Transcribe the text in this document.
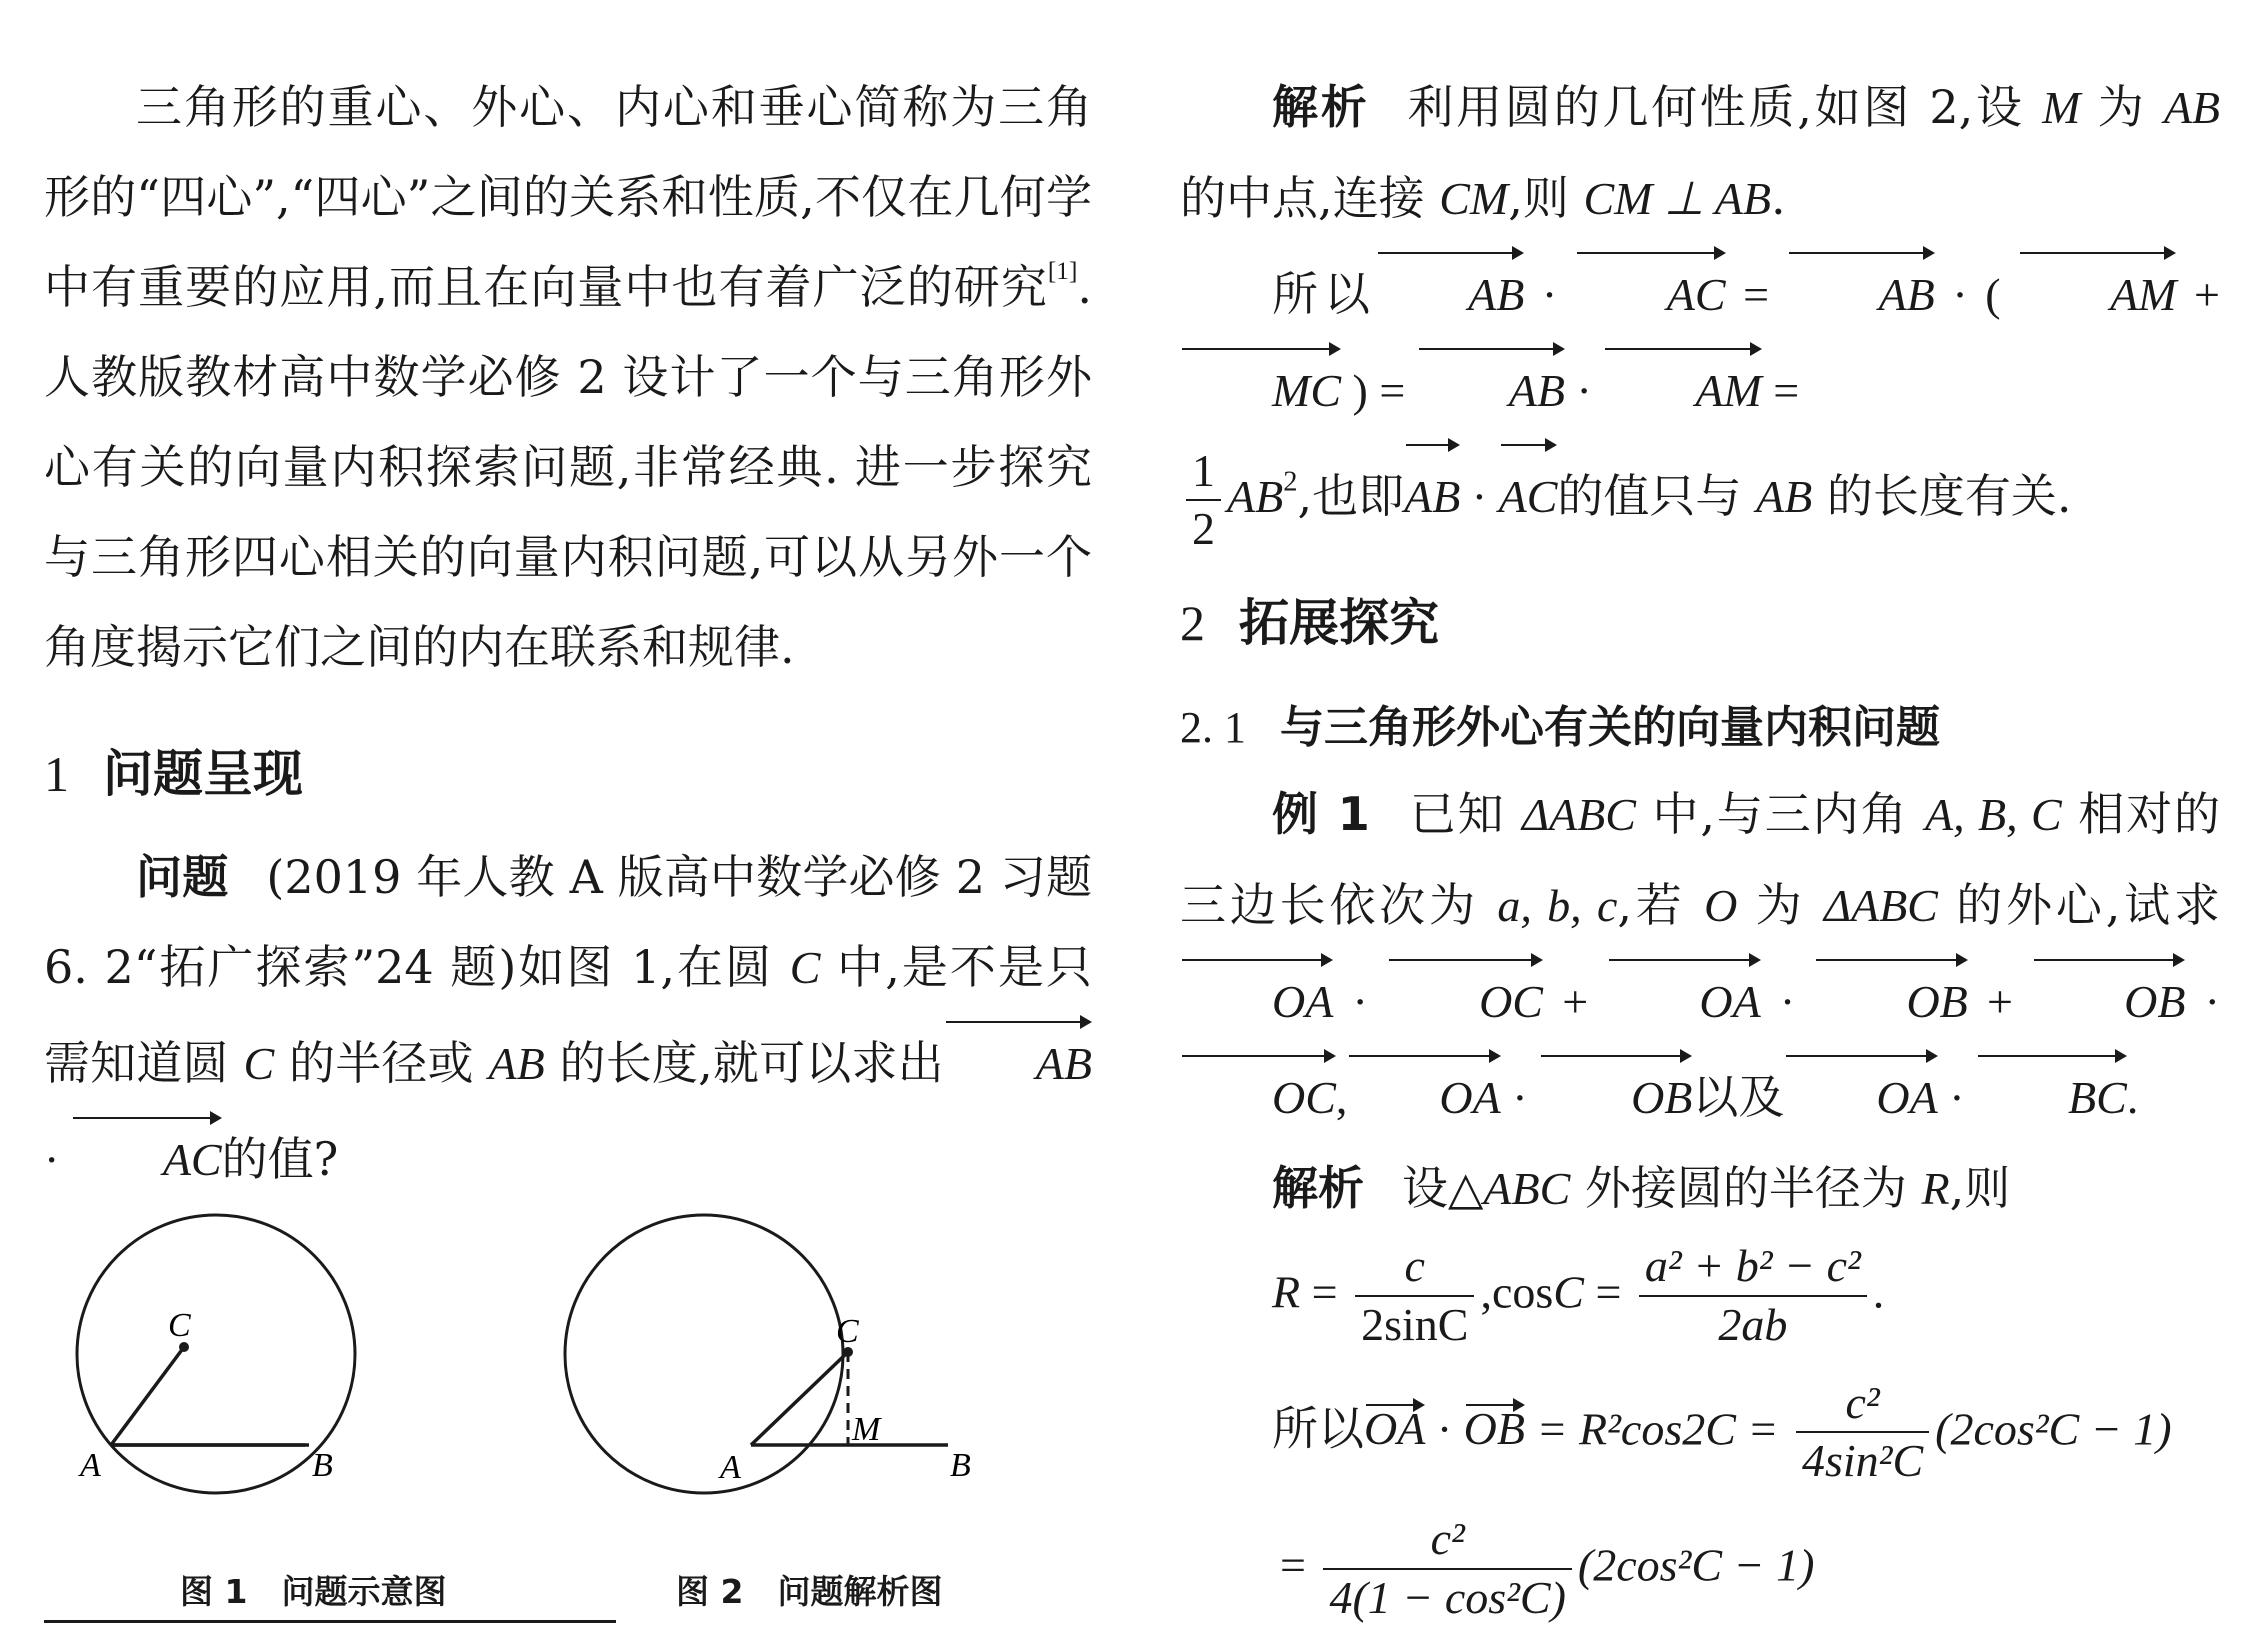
三角形的重心、外心、内心和垂心简称为三角形的“四心”,“四心”之间的关系和性质,不仅在几何学中有重要的应用,而且在向量中也有着广泛的研究[1]. 人教版教材高中数学必修 2 设计了一个与三角形外心有关的向量内积探索问题,非常经典. 进一步探究与三角形四心相关的向量内积问题,可以从另外一个角度揭示它们之间的内在联系和规律.

1 问题呈现

问题 (2019 年人教 A 版高中数学必修 2 习题 6. 2“拓广探索”24 题)如图 1,在圆 C 中,是不是只需知道圆 C 的半径或 AB 的长度,就可以求出 AB · AC的值?

C
A	B
C
A	B
M
图 1 问题示意图	图 2 问题解析图

解析 利用圆的几何性质,如图 2,设 M 为 AB 的中点,连接 CM,则 CM ⊥ AB.

所以 AB · AC = AB · ( AM + MC ) = AB · AM =

$\frac{1}{2} AB^2$,也即AB · AC的值只与 AB 的长度有关.

2 拓展探究
2. 1 与三角形外心有关的向量内积问题

例 1 已知 ΔABC 中,与三内角 A, B, C 相对的三边长依次为 a, b, c,若 O 为 ΔABC 的外心,试求OA · OC + OA · OB + OB · OC, OA · OB以及 OA · BC.

解析 设△ABC 外接圆的半径为 R,则

$R = \frac{c}{2\sin C} ,\cos C = \frac{\text{a² + b² − c²}}{2ab}$ .

所以OA · OB = $R^2\cos 2C = \frac{\text{c²}}{\text{4sin²C}} (2\cos^2C - 1)$

= $\frac{\text{c²}}{\text{4(1 − cos²C)}} (2\cos^2C - 1)$
